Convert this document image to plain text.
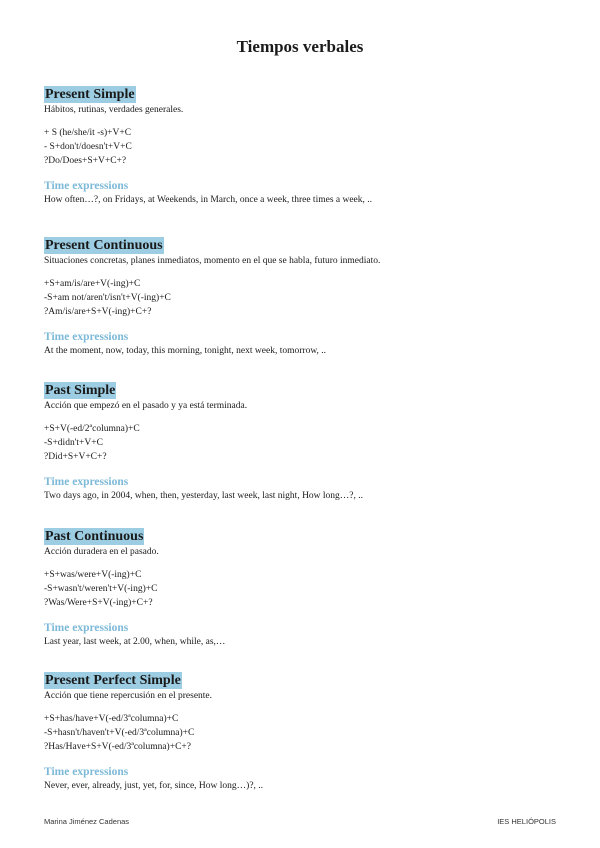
Tiempos verbales
Present Simple
Hábitos, rutinas, verdades generales.
+ S (he/she/it -s)+V+C
- S+don't/doesn't+V+C
?Do/Does+S+V+C+?
Time expressions
How often…?, on Fridays, at Weekends, in March, once a week, three times a week, ..
Present Continuous
Situaciones concretas, planes inmediatos, momento en el que se habla, futuro inmediato.
+S+am/is/are+V(-ing)+C
-S+am not/aren't/isn't+V(-ing)+C
?Am/is/are+S+V(-ing)+C+?
Time expressions
At the moment, now, today, this morning, tonight, next week, tomorrow, ..
Past Simple
Acción que empezó en el pasado y ya está terminada.
+S+V(-ed/2ªcolumna)+C
-S+didn't+V+C
?Did+S+V+C+?
Time expressions
Two days ago, in 2004, when, then, yesterday, last week, last night, How long…?, ..
Past Continuous
Acción duradera en el pasado.
+S+was/were+V(-ing)+C
-S+wasn't/weren't+V(-ing)+C
?Was/Were+S+V(-ing)+C+?
Time expressions
Last year, last week, at 2.00, when, while, as,…
Present Perfect Simple
Acción que tiene repercusión en el presente.
+S+has/have+V(-ed/3ªcolumna)+C
-S+hasn't/haven't+V(-ed/3ªcolumna)+C
?Has/Have+S+V(-ed/3ªcolumna)+C+?
Time expressions
Never, ever, already, just, yet, for, since, How long…)?, ..
Marina Jiménez Cadenas	IES HELIÓPOLIS
